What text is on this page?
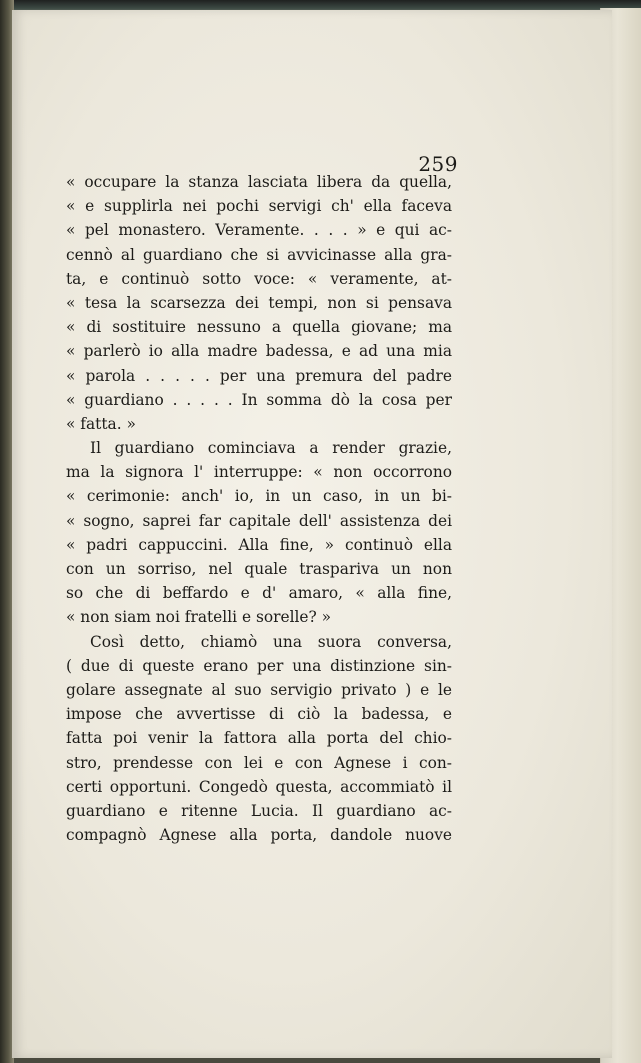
259
« occupare la stanza lasciata libera da quella,
« e supplirla nei pochi servigi ch' ella faceva
« pel monastero. Veramente. . . . » e qui ac-
cennò al guardiano che si avvicinasse alla gra-
ta, e continuò sotto voce: « veramente, at-
« tesa la scarsezza dei tempi, non si pensava
« di sostituire nessuno a quella giovane; ma
« parlerò io alla madre badessa, e ad una mia
« parola . . . . . per una premura del padre
« guardiano . . . . . In somma dò la cosa per
« fatta. »
Il guardiano cominciava a render grazie,
ma la signora l' interruppe: « non occorrono
« cerimonie: anch' io, in un caso, in un bi-
« sogno, saprei far capitale dell' assistenza dei
« padri cappuccini. Alla fine, » continuò ella
con un sorriso, nel quale traspariva un non
so che di beffardo e d' amaro, « alla fine,
« non siam noi fratelli e sorelle? »
Così detto, chiamò una suora conversa,
( due di queste erano per una distinzione sin-
golare assegnate al suo servigio privato ) e le
impose che avvertisse di ciò la badessa, e
fatta poi venir la fattora alla porta del chio-
stro, prendesse con lei e con Agnese i con-
certi opportuni. Congedò questa, accommiatò il
guardiano e ritenne Lucia. Il guardiano ac-
compagnò Agnese alla porta, dandole nuove
